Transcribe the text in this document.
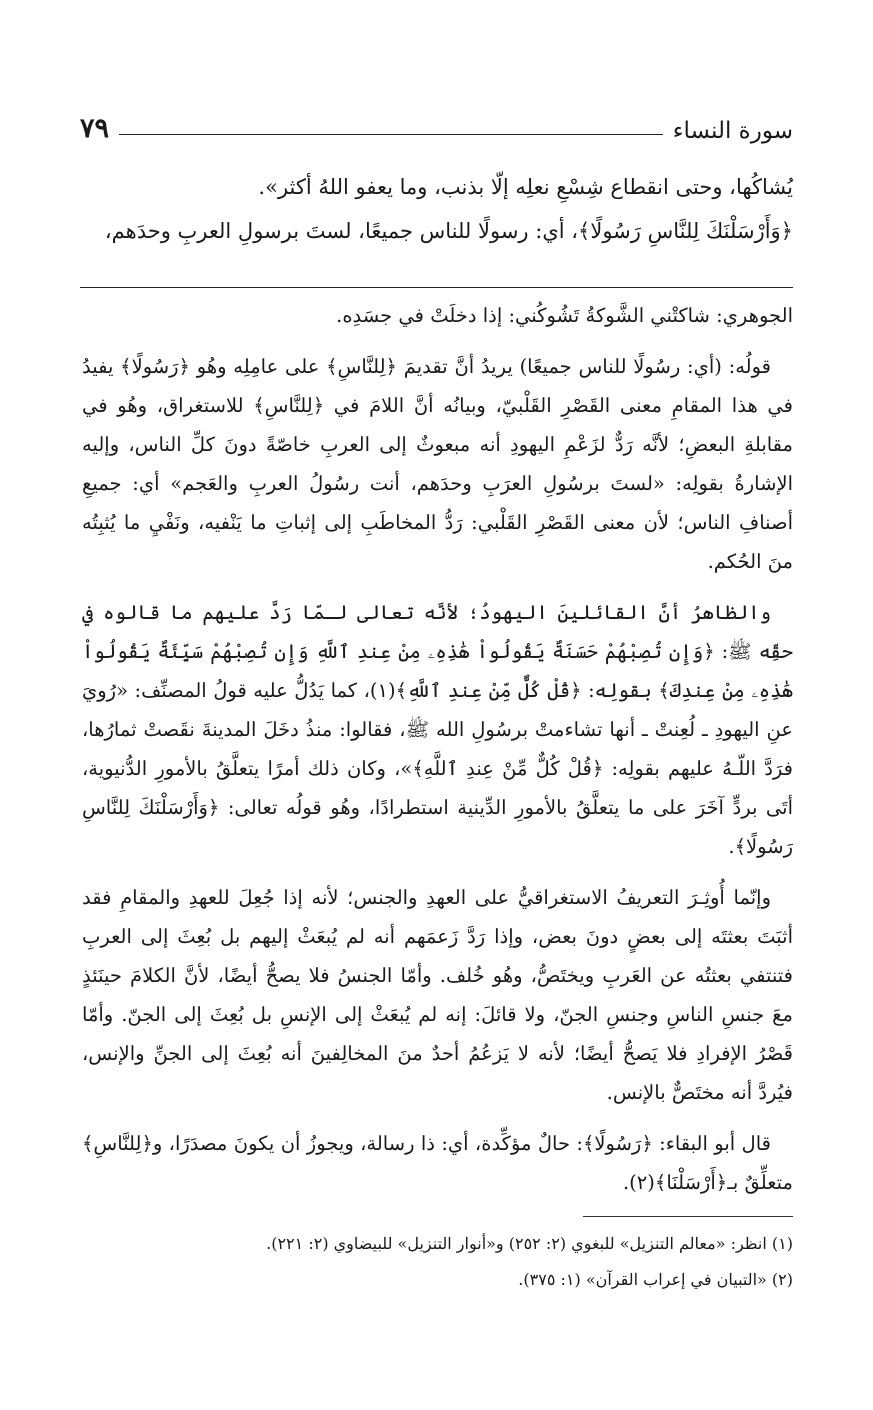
سورة النساء
٧٩

يُشاكُها، وحتى انقطاع شِسْعِ نعلِه إلّا بذنب، وما يعفو اللهُ أكثر».

﴿وَأَرْسَلْنَكَ لِلنَّاسِ رَسُولًا﴾، أي: رسولًا للناس جميعًا، لستَ برسولِ العربِ وحدَهم،

الجوهري: شاكتْني الشَّوكةُ تَشُوكُني: إذا دخلَتْ في جسَدِه.

قولُه: (أي: رسُولًا للناس جميعًا) يريدُ أنَّ تقديمَ ﴿لِلنَّاسِ﴾ على عامِلِه وهُو ﴿رَسُولًا﴾ يفيدُ في هذا المقامِ معنى القَصْرِ القَلْبيّ، وبيانُه أنَّ اللامَ في ﴿لِلنَّاسِ﴾ للاستغراق، وهُو في مقابلةِ البعضِ؛ لأنَّه رَدٌّ لزَعْمِ اليهودِ أنه مبعوثٌ إلى العربِ خاصّةً دونَ كلِّ الناس، وإليه الإشارةُ بقولِه: «لستَ برسُولِ العرَبِ وحدَهم، أنت رسُولُ العربِ والعَجم» أي: جميعِ أصنافِ الناس؛ لأن معنى القَصْرِ القَلْبي: رَدُّ المخاطَبِ إلى إثباتِ ما يَنْفيه، ونَفْيِ ما يُثبِتُه منَ الحُكم.

والظاهرُ أنَّ القائلينَ اليهودُ؛ لأنَّه تعالى لـمّا رَدَّ عليهم ما قالوه في حقِّه ﷺ: ﴿وَإِن تُصِبْهُمْ حَسَنَةٌ يَقُولُواْ هَٰذِهِۦ مِنْ عِندِ ٱللَّهِ وَإِن تُصِبْهُمْ سَيِّئَةٌ يَقُولُواْ هَٰذِهِۦ مِنْ عِندِكَ﴾ بقولِه: ﴿قُلْ كُلٌّ مِّنْ عِندِ ٱللَّهِ﴾(١)، كما يَدُلُّ عليه قولُ المصنِّف: «رُويَ عنِ اليهودِ ـ لُعِنتْ ـ أنها تشاءمتْ برسُولِ الله ﷺ، فقالوا: منذُ دخَلَ المدينةَ نقَصتْ ثمارُها، فرَدَّ اللّـهُ عليهم بقولِه: ﴿قُلْ كُلٌّ مِّنْ عِندِ ٱللَّهِ﴾»، وكان ذلك أمرًا يتعلَّقُ بالأمورِ الدُّنيوية، أتَى بردٍّ آخَرَ على ما يتعلَّقُ بالأمورِ الدِّينية استطرادًا، وهُو قولُه تعالى: ﴿وَأَرْسَلْنَكَ لِلنَّاسِ رَسُولًا﴾.

وإنّما أُوثِـرَ التعريفُ الاستغراقيُّ على العهدِ والجنس؛ لأنه إذا جُعِلَ للعهدِ والمقامِ فقد أثبَتَ بعثتَه إلى بعضٍ دونَ بعض، وإذا رَدَّ زَعمَهم أنه لم يُبعَثْ إليهم بل بُعِثَ إلى العربِ فتنتفي بعثتُه عن العَربِ ويختَصُّ، وهُو خُلف. وأمّا الجنسُ فلا يصحُّ أيضًا، لأنَّ الكلامَ حينَئذٍ معَ جنسِ الناسِ وجنسِ الجنّ، ولا قائلَ: إنه لم يُبعَثْ إلى الإنسِ بل بُعِثَ إلى الجنّ. وأمّا قَصْرُ الإفرادِ فلا يَصحُّ أيضًا؛ لأنه لا يَزعُمُ أحدٌ منَ المخالِفينَ أنه بُعِثَ إلى الجنِّ والإنس، فيُردَّ أنه مختَصٌّ بالإنس.

قال أبو البقاء: ﴿رَسُولًا﴾: حالٌ مؤكِّدة، أي: ذا رسالة، ويجوزُ أن يكونَ مصدَرًا، و﴿لِلنَّاسِ﴾ متعلِّقٌ بـ﴿أَرْسَلْنَا﴾(٢).

(١) انظر: «معالم التنزيل» للبغوي (٢: ٢٥٢) و«أنوار التنزيل» للبيضاوي (٢: ٢٢١).

(٢) «التبيان في إعراب القرآن» (١: ٣٧٥).
